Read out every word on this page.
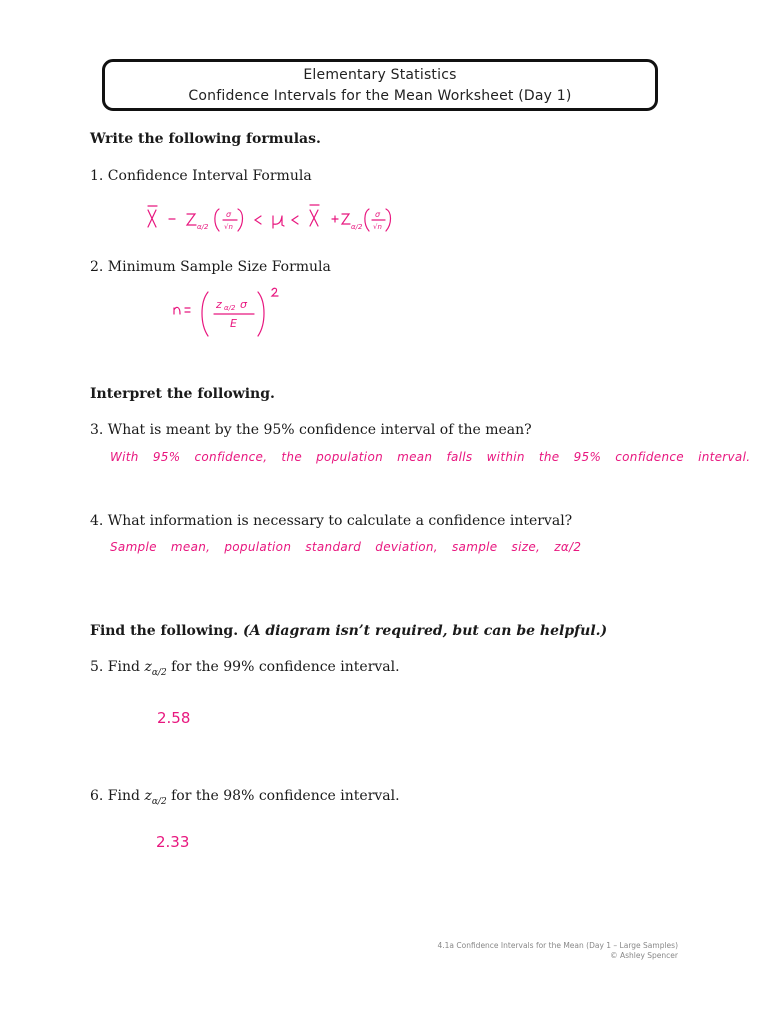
Elementary Statistics
Confidence Intervals for the Mean Worksheet (Day 1)
Write the following formulas.
1. Confidence Interval Formula
α/2
σ
√n	α/2
σ
√n
2. Minimum Sample Size Formula
z α/2 σ
E
Interpret the following.
3. What is meant by the 95% confidence interval of the mean?
With 95% confidence, the population mean falls within the 95% confidence interval.
4. What information is necessary to calculate a confidence interval?
Sample mean, population standard deviation, sample size, zα/2
Find the following. (A diagram isn’t required, but can be helpful.)
5. Find $z_{\alpha/2}$ for the 99% confidence interval.
2.58
6. Find $z_{\alpha/2}$ for the 98% confidence interval.
2.33
4.1a Confidence Intervals for the Mean (Day 1 – Large Samples)
© Ashley Spencer
